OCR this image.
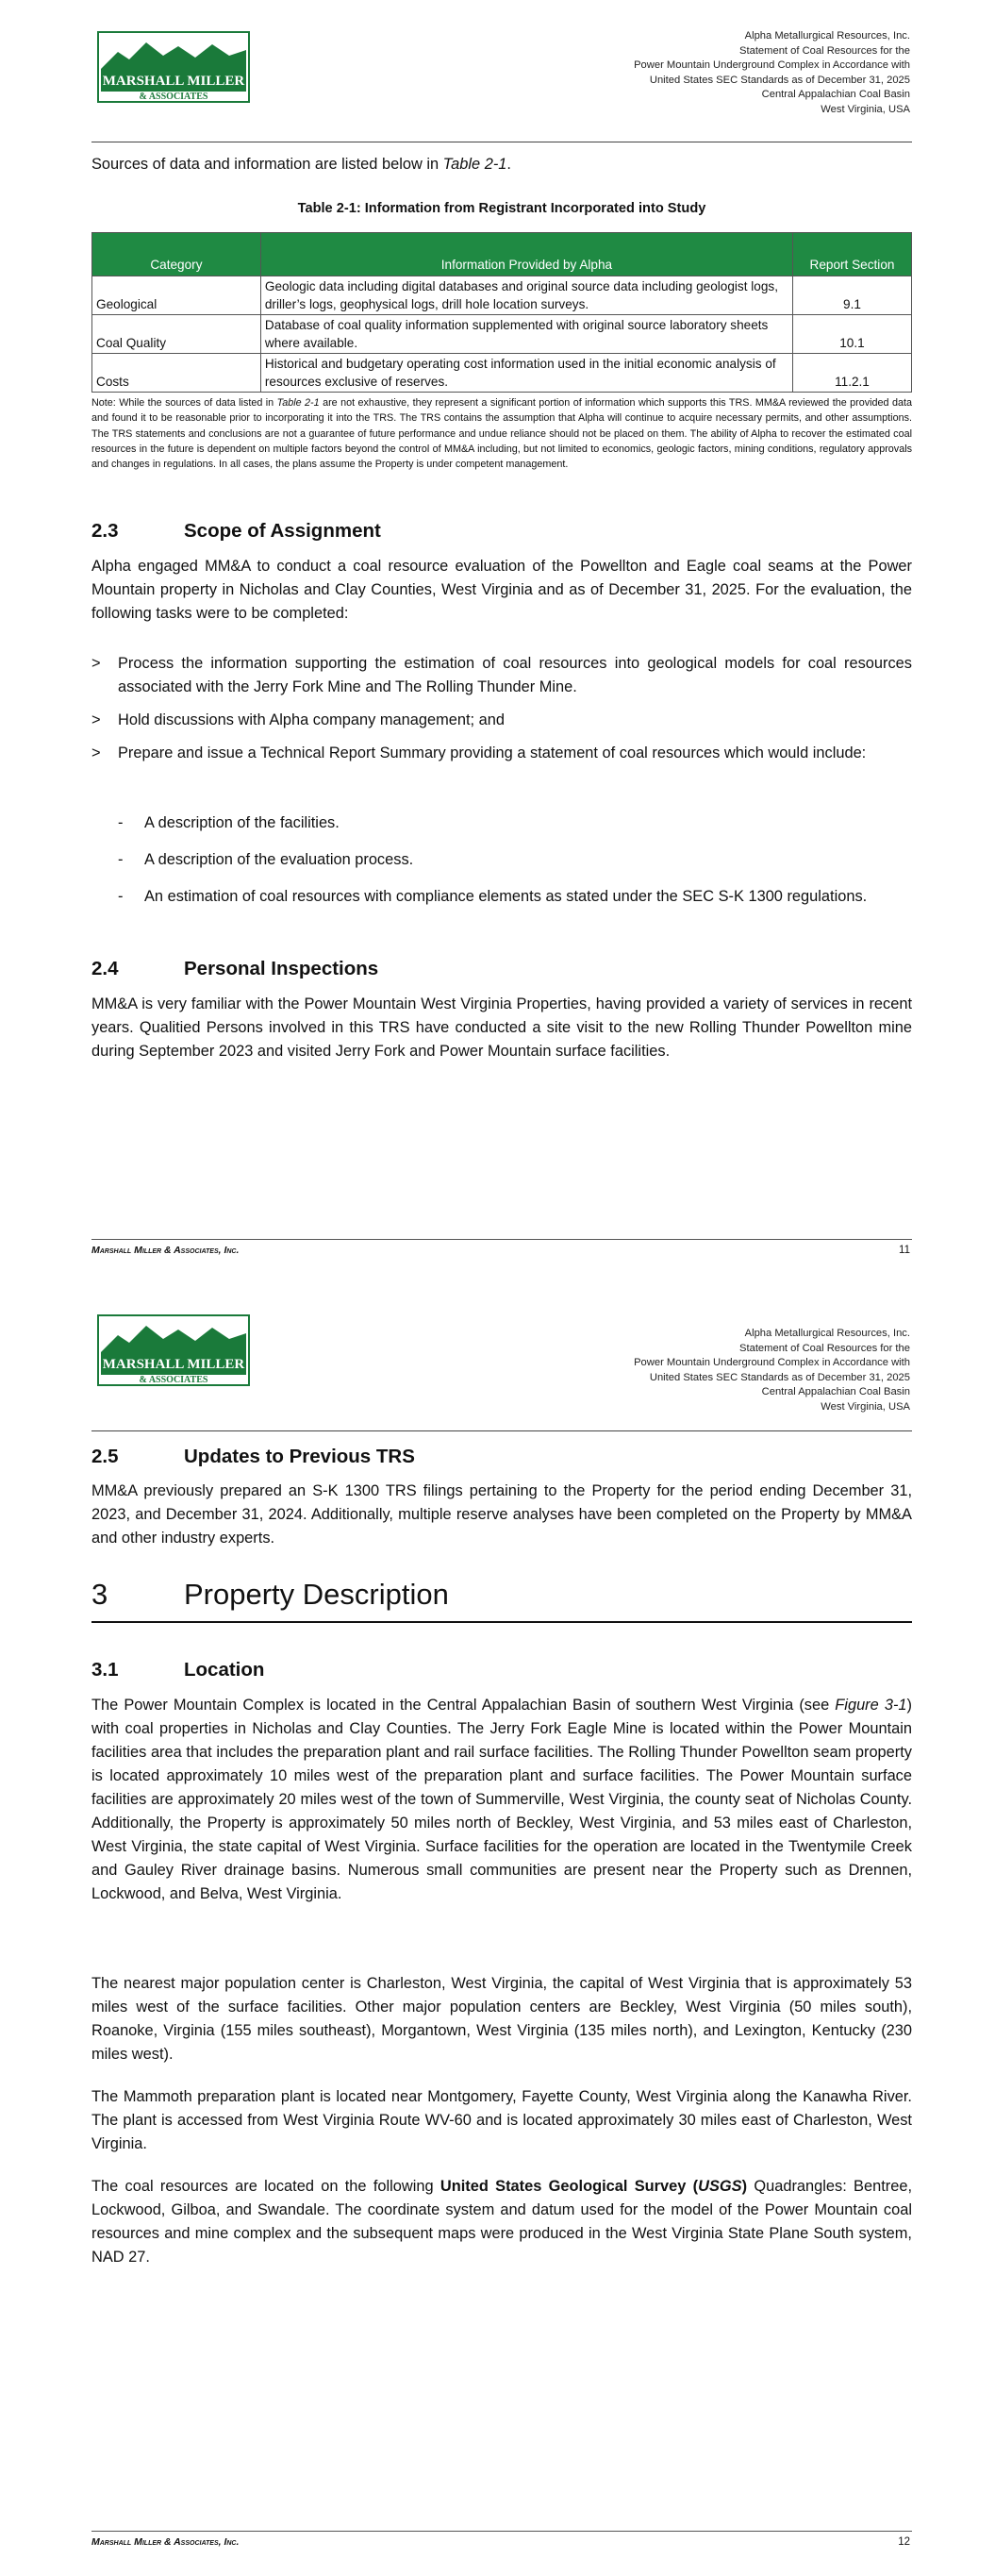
MARSHALL MILLER
& ASSOCIATES
Alpha Metallurgical Resources, Inc.
Statement of Coal Resources for the
Power Mountain Underground Complex in Accordance with
United States SEC Standards as of December 31, 2025
Central Appalachian Coal Basin
West Virginia, USA

Sources of data and information are listed below in Table 2-1.

Table 2-1: Information from Registrant Incorporated into Study
Category	Information Provided by Alpha	Report Section
Geological	Geologic data including digital databases and original source data including geologist logs, driller’s logs, geophysical logs, drill hole location surveys.	9.1
Coal Quality	Database of coal quality information supplemented with original source laboratory sheets where available.	10.1
Costs	Historical and budgetary operating cost information used in the initial economic analysis of resources exclusive of reserves.	11.2.1

Note: While the sources of data listed in Table 2-1 are not exhaustive, they represent a significant portion of information which supports this TRS. MM&A reviewed the provided data and found it to be reasonable prior to incorporating it into the TRS. The TRS contains the assumption that Alpha will continue to acquire necessary permits, and other assumptions. The TRS statements and conclusions are not a guarantee of future performance and undue reliance should not be placed on them. The ability of Alpha to recover the estimated coal resources in the future is dependent on multiple factors beyond the control of MM&A including, but not limited to economics, geologic factors, mining conditions, regulatory approvals and changes in regulations. In all cases, the plans assume the Property is under competent management.

2.3	Scope of Assignment

Alpha engaged MM&A to conduct a coal resource evaluation of the Powellton and Eagle coal seams at the Power Mountain property in Nicholas and Clay Counties, West Virginia and as of December 31, 2025. For the evaluation, the following tasks were to be completed:

> Process the information supporting the estimation of coal resources into geological models for coal resources associated with the Jerry Fork Mine and The Rolling Thunder Mine.
> Hold discussions with Alpha company management; and
> Prepare and issue a Technical Report Summary providing a statement of coal resources which would include:
- A description of the facilities.
- A description of the evaluation process.
- An estimation of coal resources with compliance elements as stated under the SEC S-K 1300 regulations.
2.4	Personal Inspections

MM&A is very familiar with the Power Mountain West Virginia Properties, having provided a variety of services in recent years. Qualitied Persons involved in this TRS have conducted a site visit to the new Rolling Thunder Powellton mine during September 2023 and visited Jerry Fork and Power Mountain surface facilities.

Marshall Miller & Associates, Inc.	11
MARSHALL MILLER
& ASSOCIATES
Alpha Metallurgical Resources, Inc.
Statement of Coal Resources for the
Power Mountain Underground Complex in Accordance with
United States SEC Standards as of December 31, 2025
Central Appalachian Coal Basin
West Virginia, USA
2.5	Updates to Previous TRS

MM&A previously prepared an S-K 1300 TRS filings pertaining to the Property for the period ending December 31, 2023, and December 31, 2024. Additionally, multiple reserve analyses have been completed on the Property by MM&A and other industry experts.

3	Property Description
3.1	Location

The Power Mountain Complex is located in the Central Appalachian Basin of southern West Virginia (see Figure 3-1) with coal properties in Nicholas and Clay Counties. The Jerry Fork Eagle Mine is located within the Power Mountain facilities area that includes the preparation plant and rail surface facilities. The Rolling Thunder Powellton seam property is located approximately 10 miles west of the preparation plant and surface facilities. The Power Mountain surface facilities are approximately 20 miles west of the town of Summerville, West Virginia, the county seat of Nicholas County. Additionally, the Property is approximately 50 miles north of Beckley, West Virginia, and 53 miles east of Charleston, West Virginia, the state capital of West Virginia. Surface facilities for the operation are located in the Twentymile Creek and Gauley River drainage basins. Numerous small communities are present near the Property such as Drennen, Lockwood, and Belva, West Virginia.

The nearest major population center is Charleston, West Virginia, the capital of West Virginia that is approximately 53 miles west of the surface facilities. Other major population centers are Beckley, West Virginia (50 miles south), Roanoke, Virginia (155 miles southeast), Morgantown, West Virginia (135 miles north), and Lexington, Kentucky (230 miles west).

The Mammoth preparation plant is located near Montgomery, Fayette County, West Virginia along the Kanawha River. The plant is accessed from West Virginia Route WV-60 and is located approximately 30 miles east of Charleston, West Virginia.

The coal resources are located on the following United States Geological Survey (USGS) Quadrangles: Bentree, Lockwood, Gilboa, and Swandale. The coordinate system and datum used for the model of the Power Mountain coal resources and mine complex and the subsequent maps were produced in the West Virginia State Plane South system, NAD 27.

Marshall Miller & Associates, Inc.	12
